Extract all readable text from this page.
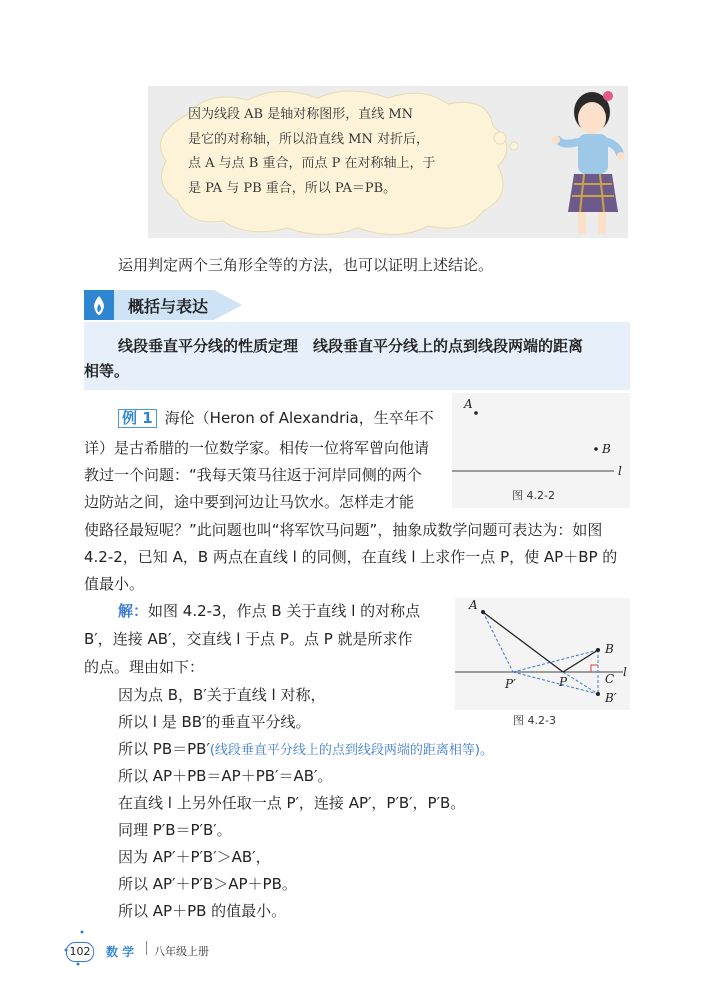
因为线段 AB 是轴对称图形，直线 MN
是它的对称轴，所以沿直线 MN 对折后，
点 A 与点 B 重合，而点 P 在对称轴上，于
是 PA 与 PB 重合，所以 PA＝PB。
运用判定两个三角形全等的方法，也可以证明上述结论。
概括与表达
线段垂直平分线的性质定理　线段垂直平分线上的点到线段两端的距离
相等。
例 1 海伦（Heron of Alexandria，生卒年不
详）是古希腊的一位数学家。相传一位将军曾向他请
教过一个问题：“我每天策马往返于河岸同侧的两个
边防站之间，途中要到河边让马饮水。怎样走才能
使路径最短呢？”此问题也叫“将军饮马问题”，抽象成数学问题可表达为：如图
4.2-2，已知 A，B 两点在直线 l 的同侧，在直线 l 上求作一点 P，使 AP＋BP 的
值最小。
A
B
l
图 4.2-2
解：如图 4.2-3，作点 B 关于直线 l 的对称点
B′，连接 AB′，交直线 l 于点 P。点 P 就是所求作
的点。理由如下：	l
A
B
B′
C
P
P′
图 4.2-3
因为点 B，B′关于直线 l 对称，
所以 l 是 BB′的垂直平分线。
所以 PB＝PB′(线段垂直平分线上的点到线段两端的距离相等)。
所以 AP＋PB＝AP＋PB′＝AB′。
在直线 l 上另外任取一点 P′，连接 AP′，P′B′，P′B。
同理 P′B＝P′B′。
因为 AP′＋P′B′＞AB′，
所以 AP′＋P′B＞AP＋PB。
所以 AP＋PB 的值最小。
102 数 学 八年级上册
